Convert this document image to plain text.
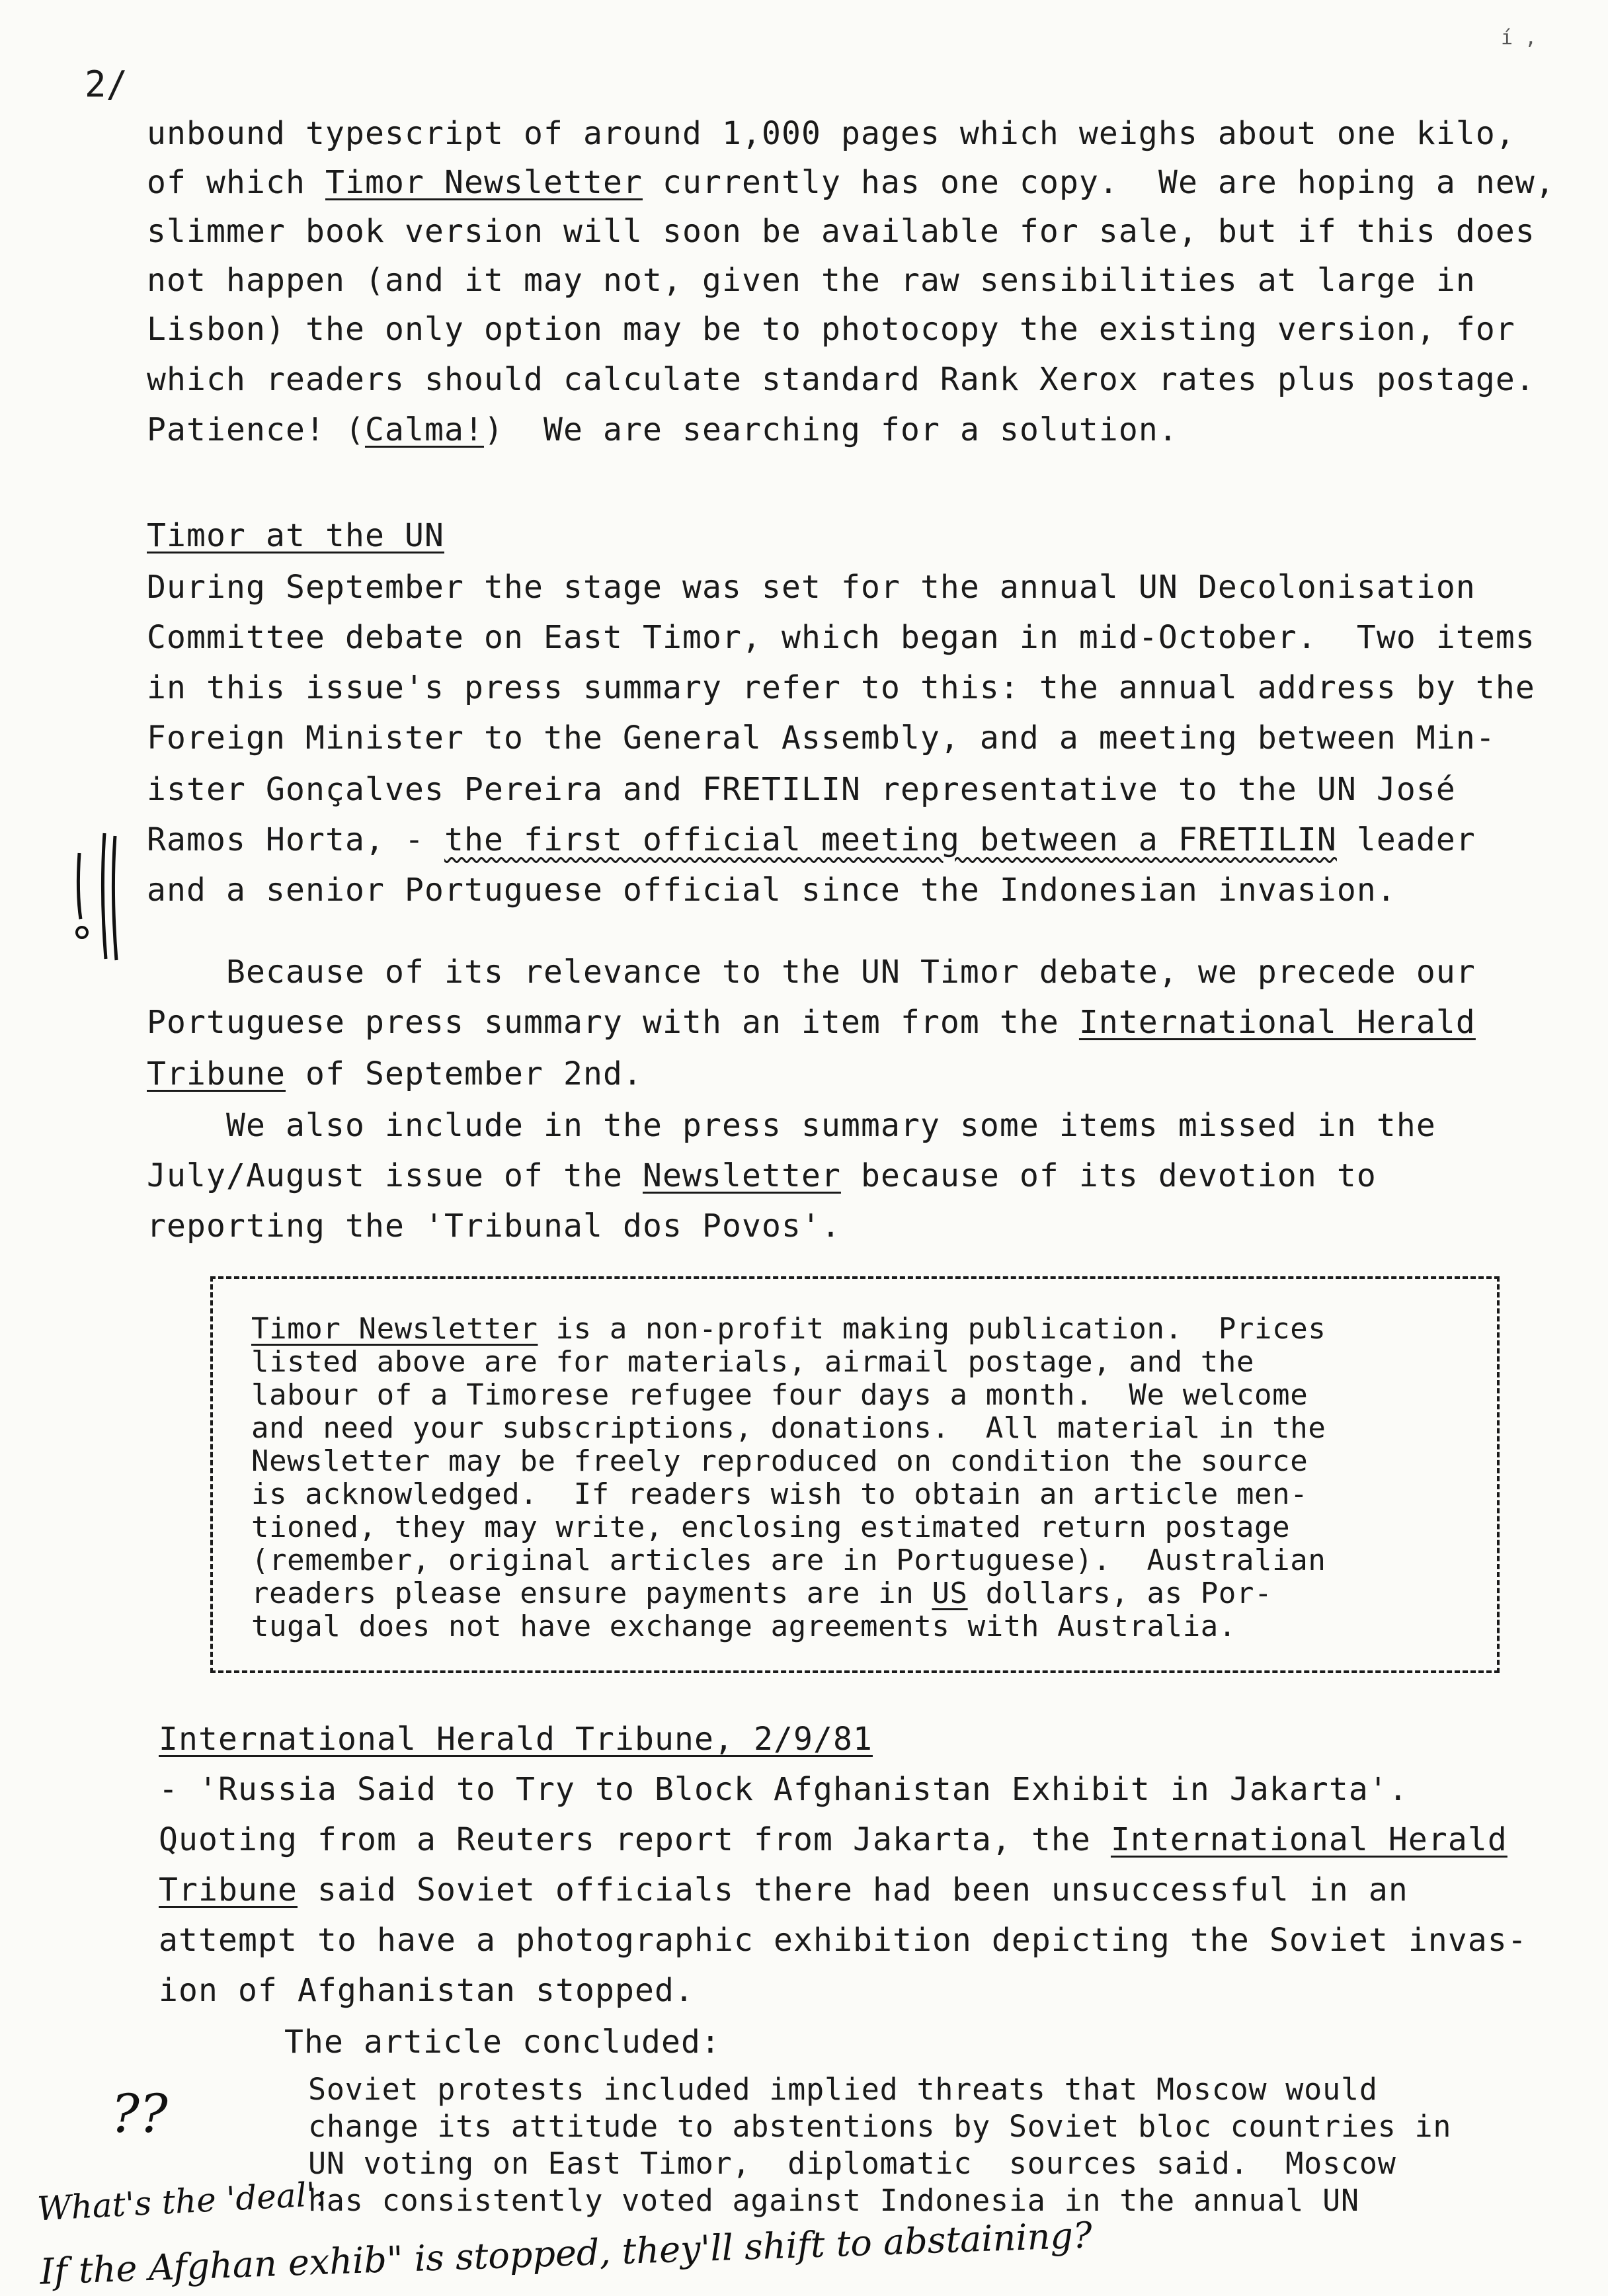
2/
í ,
unbound typescript of around 1,000 pages which weighs about one kilo,
of which Timor Newsletter currently has one copy.  We are hoping a new,
slimmer book version will soon be available for sale, but if this does
not happen (and it may not, given the raw sensibilities at large in
Lisbon) the only option may be to photocopy the existing version, for
which readers should calculate standard Rank Xerox rates plus postage.
Patience! (Calma!)  We are searching for a solution.
Timor at the UN
During September the stage was set for the annual UN Decolonisation
Committee debate on East Timor, which began in mid-October.  Two items
in this issue's press summary refer to this: the annual address by the
Foreign Minister to the General Assembly, and a meeting between Min-
ister Gonçalves Pereira and FRETILIN representative to the UN José
Ramos Horta, - the first official meeting between a FRETILIN leader
and a senior Portuguese official since the Indonesian invasion.
Because of its relevance to the UN Timor debate, we precede our
Portuguese press summary with an item from the International Herald
Tribune of September 2nd.
We also include in the press summary some items missed in the
July/August issue of the Newsletter because of its devotion to
reporting the 'Tribunal dos Povos'.
Timor Newsletter is a non-profit making publication.  Prices
listed above are for materials, airmail postage, and the
labour of a Timorese refugee four days a month.  We welcome
and need your subscriptions, donations.  All material in the
Newsletter may be freely reproduced on condition the source
is acknowledged.  If readers wish to obtain an article men-
tioned, they may write, enclosing estimated return postage
(remember, original articles are in Portuguese).  Australian
readers please ensure payments are in US dollars, as Por-
tugal does not have exchange agreements with Australia.
International Herald Tribune, 2/9/81
- 'Russia Said to Try to Block Afghanistan Exhibit in Jakarta'.
Quoting from a Reuters report from Jakarta, the International Herald
Tribune said Soviet officials there had been unsuccessful in an
attempt to have a photographic exhibition depicting the Soviet invas-
ion of Afghanistan stopped.
The article concluded:
Soviet protests included implied threats that Moscow would
change its attitude to abstentions by Soviet bloc countries in
UN voting on East Timor,  diplomatic  sources said.  Moscow
has consistently voted against Indonesia in the annual UN
??
What's the 'deal':
If the Afghan exhib" is stopped, they'll shift to abstaining?
